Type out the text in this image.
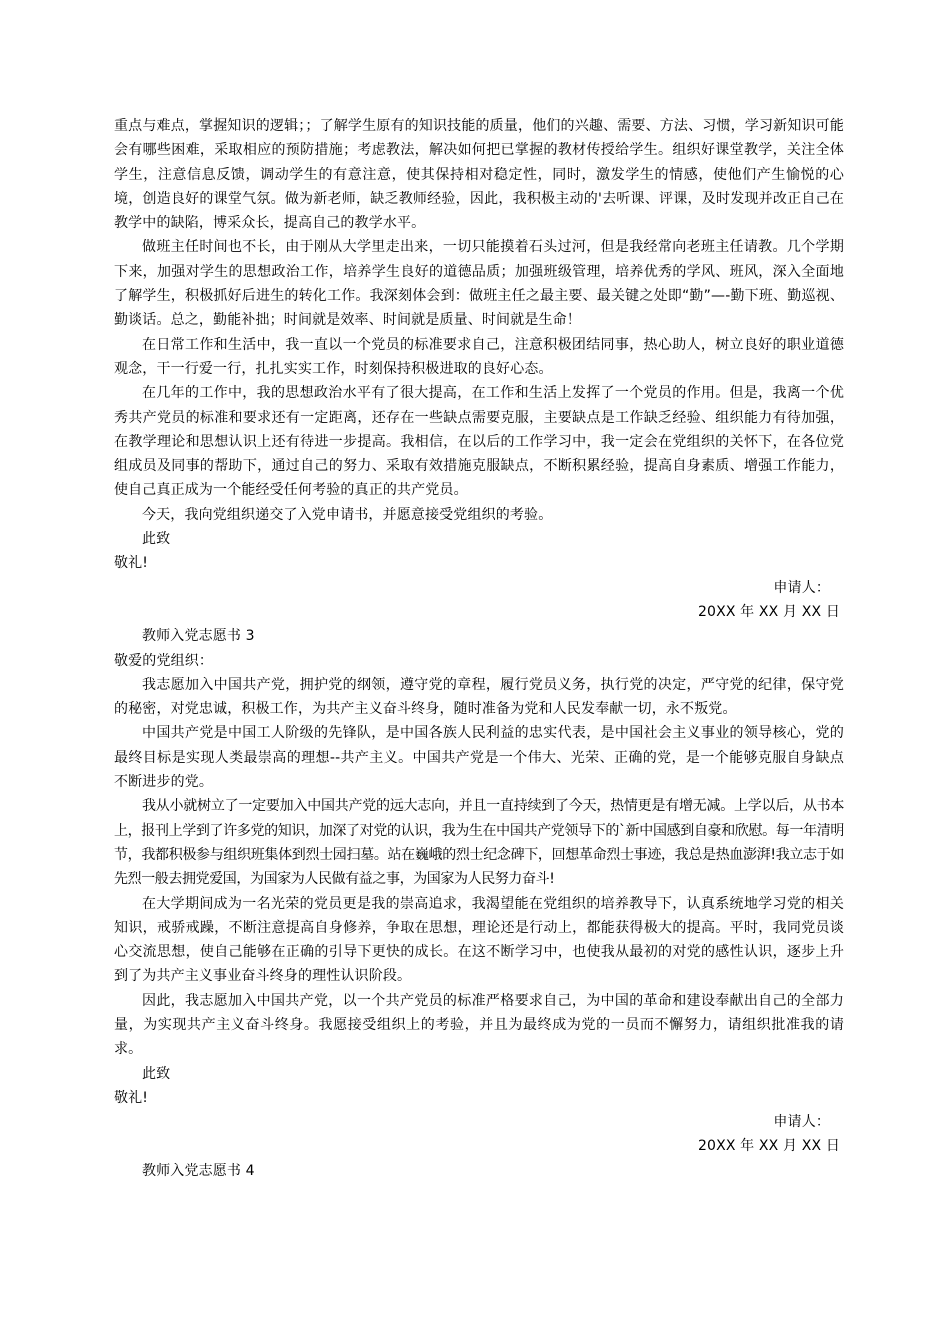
重点与难点，掌握知识的逻辑；；了解学生原有的知识技能的质量，他们的兴趣、需要、方法、习惯，学习新知识可能会有哪些困难，采取相应的预防措施；考虑教法，解决如何把已掌握的教材传授给学生。组织好课堂教学，关注全体学生，注意信息反馈，调动学生的有意注意，使其保持相对稳定性，同时，激发学生的情感，使他们产生愉悦的心境，创造良好的课堂气氛。做为新老师，缺乏教师经验，因此，我积极主动的'去听课、评课，及时发现并改正自己在教学中的缺陷，博采众长，提高自己的教学水平。

做班主任时间也不长，由于刚从大学里走出来，一切只能摸着石头过河，但是我经常向老班主任请教。几个学期下来，加强对学生的思想政治工作，培养学生良好的道德品质；加强班级管理，培养优秀的学风、班风，深入全面地了解学生，积极抓好后进生的转化工作。我深刻体会到：做班主任之最主要、最关键之处即“勤”—-勤下班、勤巡视、勤谈话。总之，勤能补拙；时间就是效率、时间就是质量、时间就是生命！

在日常工作和生活中，我一直以一个党员的标准要求自己，注意积极团结同事，热心助人，树立良好的职业道德观念，干一行爱一行，扎扎实实工作，时刻保持积极进取的良好心态。

在几年的工作中，我的思想政治水平有了很大提高，在工作和生活上发挥了一个党员的作用。但是，我离一个优秀共产党员的标准和要求还有一定距离，还存在一些缺点需要克服，主要缺点是工作缺乏经验、组织能力有待加强，在教学理论和思想认识上还有待进一步提高。我相信，在以后的工作学习中，我一定会在党组织的关怀下，在各位党组成员及同事的帮助下，通过自己的努力、采取有效措施克服缺点，不断积累经验，提高自身素质、增强工作能力，使自己真正成为一个能经受任何考验的真正的共产党员。

今天，我向党组织递交了入党申请书，并愿意接受党组织的考验。

此致

敬礼!

申请人：

20XX 年 XX 月 XX 日

教师入党志愿书 3

敬爱的党组织：

我志愿加入中国共产党，拥护党的纲领，遵守党的章程，履行党员义务，执行党的决定，严守党的纪律，保守党的秘密，对党忠诚，积极工作，为共产主义奋斗终身，随时准备为党和人民发奉献一切，永不叛党。

中国共产党是中国工人阶级的先锋队，是中国各族人民利益的忠实代表，是中国社会主义事业的领导核心，党的最终目标是实现人类最崇高的理想--共产主义。中国共产党是一个伟大、光荣、正确的党，是一个能够克服自身缺点不断进步的党。

我从小就树立了一定要加入中国共产党的远大志向，并且一直持续到了今天，热情更是有增无减。上学以后，从书本上，报刊上学到了许多党的知识，加深了对党的认识，我为生在中国共产党领导下的`新中国感到自豪和欣慰。每一年清明节，我都积极参与组织班集体到烈士园扫墓。站在巍峨的烈士纪念碑下，回想革命烈士事迹，我总是热血澎湃!我立志于如先烈一般去拥党爱国，为国家为人民做有益之事，为国家为人民努力奋斗!

在大学期间成为一名光荣的党员更是我的崇高追求，我渴望能在党组织的培养教导下，认真系统地学习党的相关知识，戒骄戒躁，不断注意提高自身修养，争取在思想，理论还是行动上，都能获得极大的提高。平时，我同党员谈心交流思想，使自己能够在正确的引导下更快的成长。在这不断学习中，也使我从最初的对党的感性认识，逐步上升到了为共产主义事业奋斗终身的理性认识阶段。

因此，我志愿加入中国共产党，以一个共产党员的标准严格要求自己，为中国的革命和建设奉献出自己的全部力量，为实现共产主义奋斗终身。我愿接受组织上的考验，并且为最终成为党的一员而不懈努力，请组织批准我的请求。

此致

敬礼!

申请人：

20XX 年 XX 月 XX 日

教师入党志愿书 4
